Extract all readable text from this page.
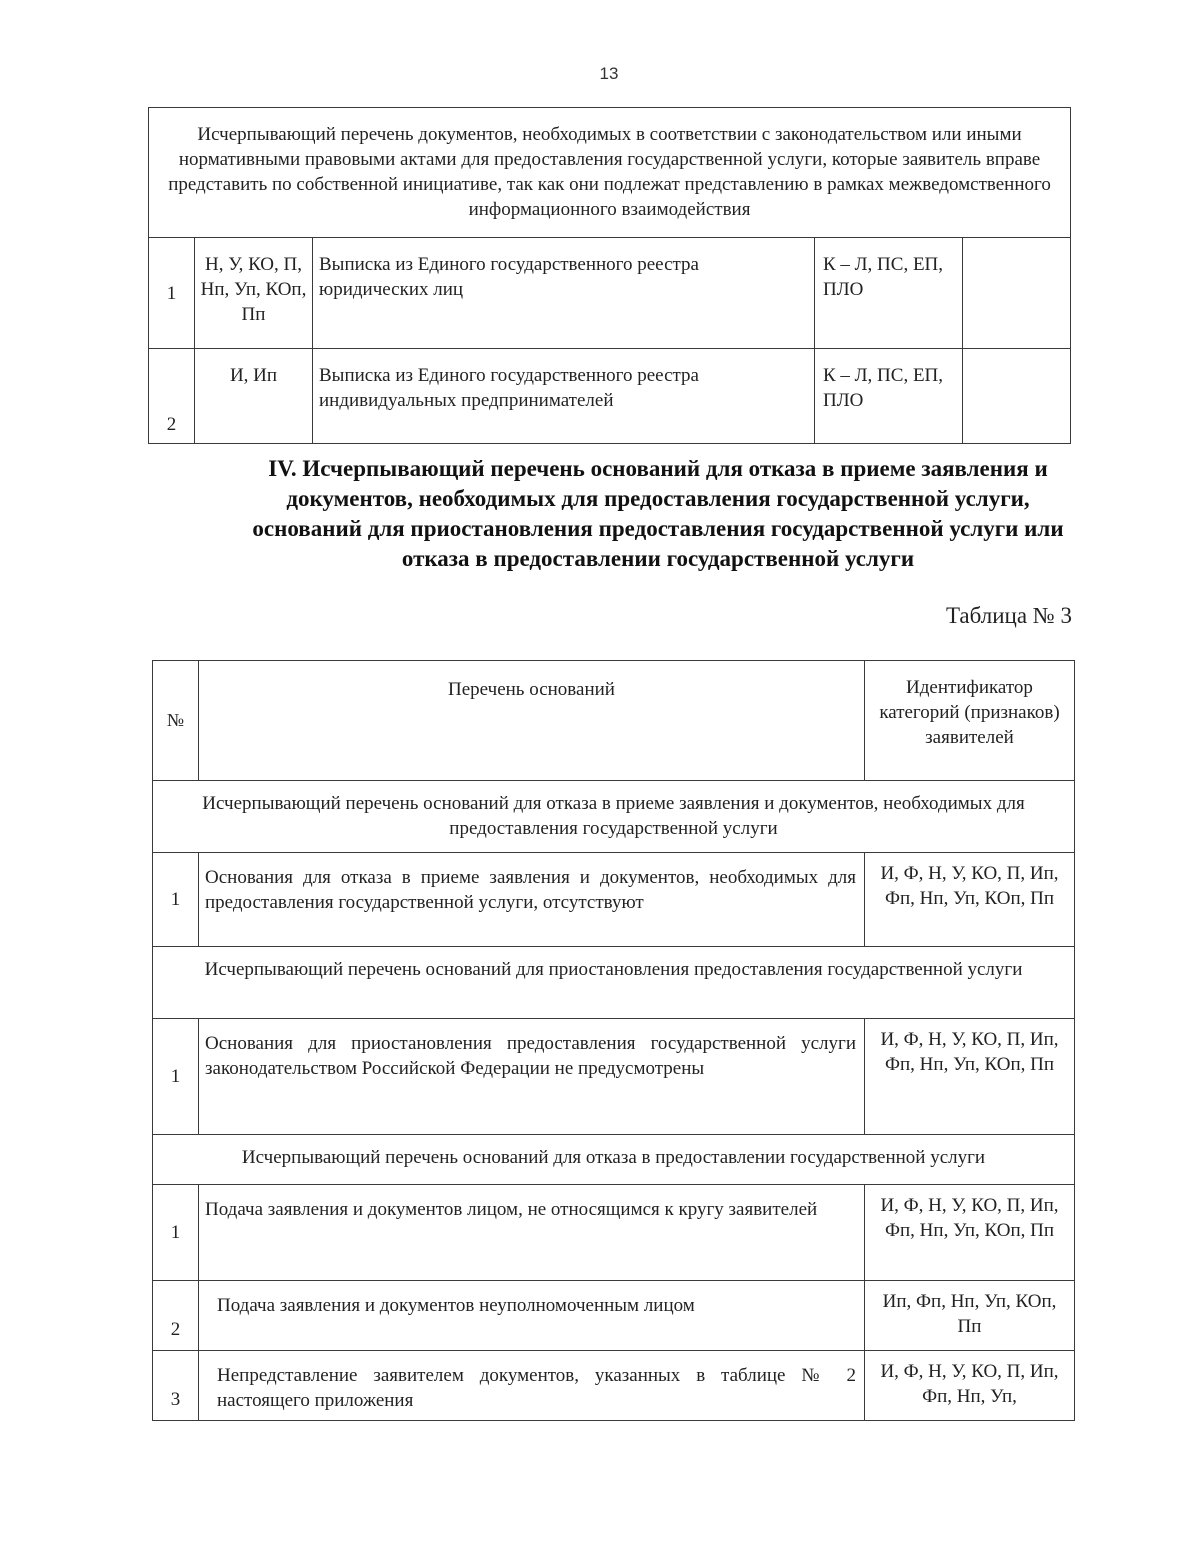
13
Исчерпывающий перечень документов, необходимых в соответствии с законодательством или иными нормативными правовыми актами для предоставления государственной услуги, которые заявитель вправе представить по собственной инициативе, так как они подлежат представлению в рамках межведомственного информационного взаимодействия				
1	Н, У, КО, П, Нп, Уп, КОп, Пп	Выписка из Единого государственного реестра юридических лиц	К – Л, ПС, ЕП, ПЛО	
2	И, Ип	Выписка из Единого государственного реестра индивидуальных предпринимателей	К – Л, ПС, ЕП, ПЛО	
IV. Исчерпывающий перечень оснований для отказа в приеме заявления и документов, необходимых для предоставления государственной услуги, оснований для приостановления предоставления государственной услуги или отказа в предоставлении государственной услуги
Таблица № 3
№	Перечень оснований	Идентификатор категорий (признаков) заявителей
Исчерпывающий перечень оснований для отказа в приеме заявления и документов, необходимых для предоставления государственной услуги		
1	Основания для отказа в приеме заявления и документов, необходимых для предоставления государственной услуги, отсутствуют	И, Ф, Н, У, КО, П, Ип, Фп, Нп, Уп, КОп, Пп
Исчерпывающий перечень оснований для приостановления предоставления государственной услуги		
1	Основания для приостановления предоставления государственной услуги законодательством Российской Федерации не предусмотрены	И, Ф, Н, У, КО, П, Ип, Фп, Нп, Уп, КОп, Пп
Исчерпывающий перечень оснований для отказа в предоставлении государственной услуги		
1	Подача заявления и документов лицом, не относящимся к кругу заявителей	И, Ф, Н, У, КО, П, Ип, Фп, Нп, Уп, КОп, Пп
2	Подача заявления и документов неуполномоченным лицом	Ип, Фп, Нп, Уп, КОп, Пп
3	Непредставление заявителем документов, указанных в таблице № 2 настоящего приложения	И, Ф, Н, У, КО, П, Ип, Фп, Нп, Уп,
